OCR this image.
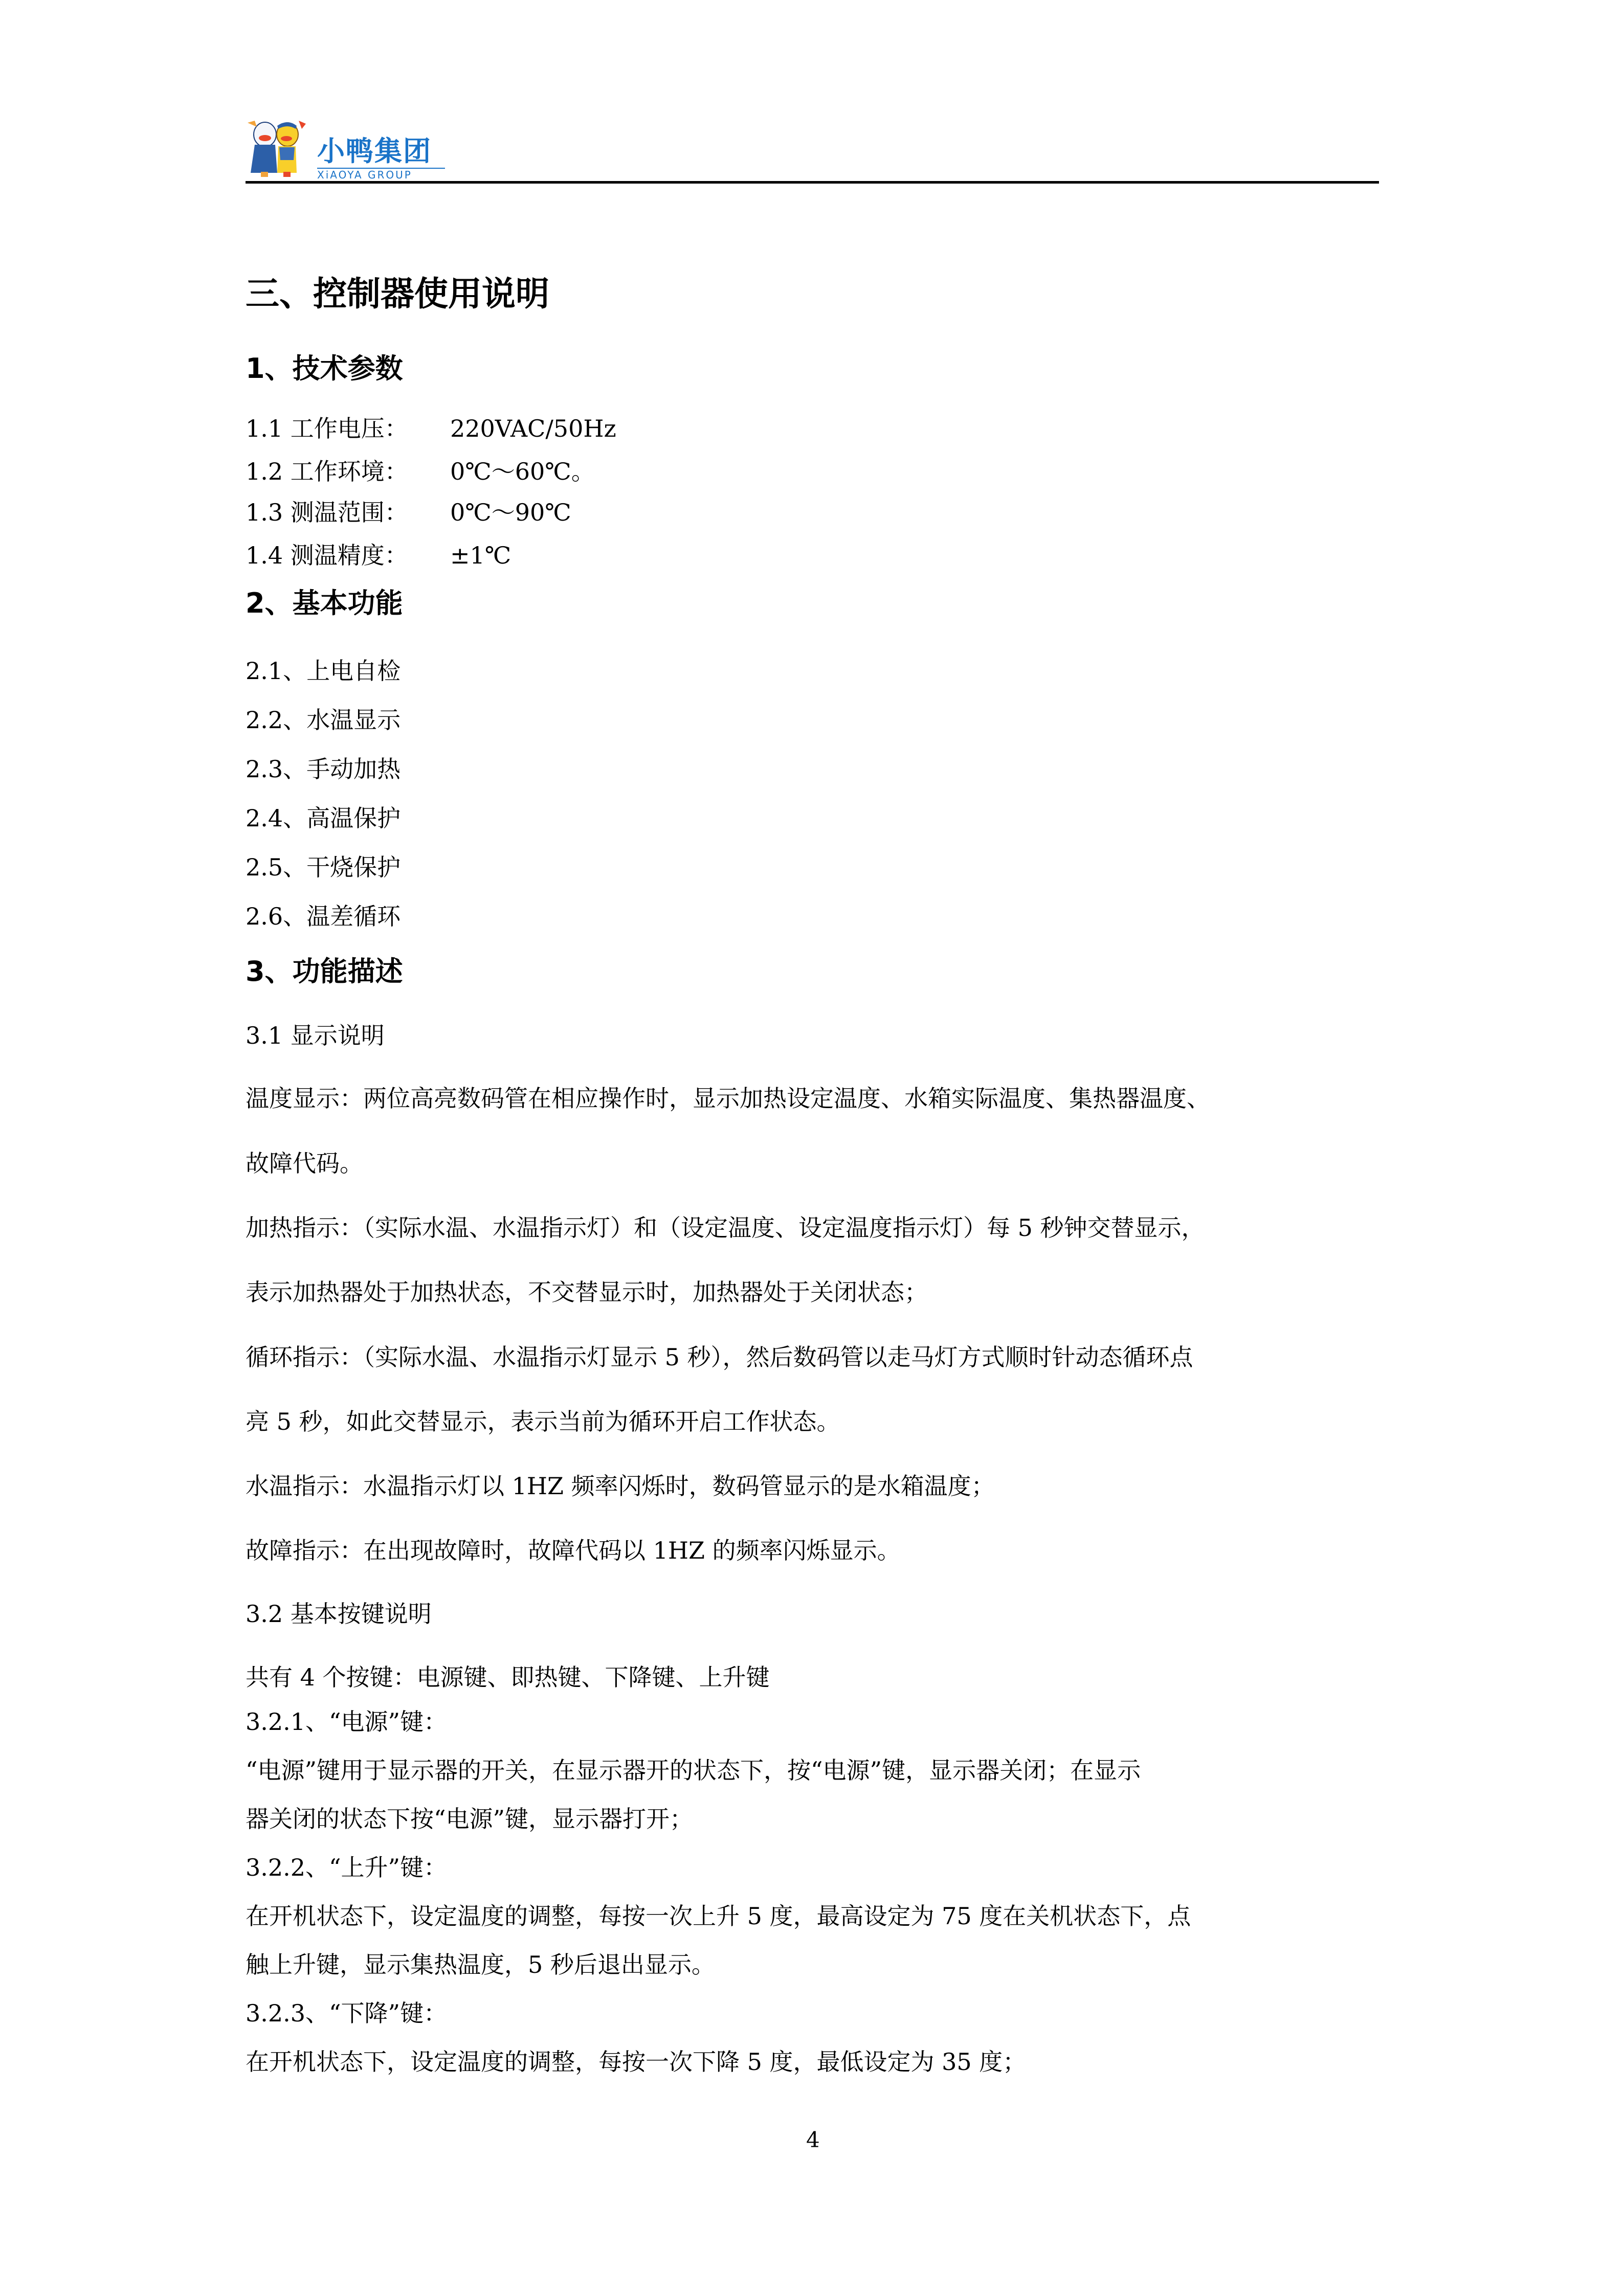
小鸭集团
XiAOYA GROUP
三、控制器使用说明
1、技术参数
1.1 工作电压： 220VAC/50Hz
1.2 工作环境： 0℃～60℃。
1.3 测温范围： 0℃～90℃
1.4 测温精度： ±1℃
2、基本功能
2.1、上电自检
2.2、水温显示
2.3、手动加热
2.4、高温保护
2.5、干烧保护
2.6、温差循环
3、功能描述
3.1 显示说明
温度显示：两位高亮数码管在相应操作时，显示加热设定温度、水箱实际温度、集热器温度、
故障代码。
加热指示：（实际水温、水温指示灯）和（设定温度、设定温度指示灯）每 5 秒钟交替显示，
表示加热器处于加热状态，不交替显示时，加热器处于关闭状态；
循环指示：（实际水温、水温指示灯显示 5 秒），然后数码管以走马灯方式顺时针动态循环点
亮 5 秒，如此交替显示，表示当前为循环开启工作状态。
水温指示：水温指示灯以 1HZ 频率闪烁时，数码管显示的是水箱温度；
故障指示：在出现故障时，故障代码以 1HZ 的频率闪烁显示。
3.2 基本按键说明
共有 4 个按键：电源键、即热键、下降键、上升键
3.2.1、“电源”键：
“电源”键用于显示器的开关，在显示器开的状态下，按“电源”键，显示器关闭；在显示
器关闭的状态下按“电源”键，显示器打开；
3.2.2、“上升”键：
在开机状态下，设定温度的调整，每按一次上升 5 度，最高设定为 75 度在关机状态下，点
触上升键，显示集热温度，5 秒后退出显示。
3.2.3、“下降”键：
在开机状态下，设定温度的调整，每按一次下降 5 度，最低设定为 35 度；
4
